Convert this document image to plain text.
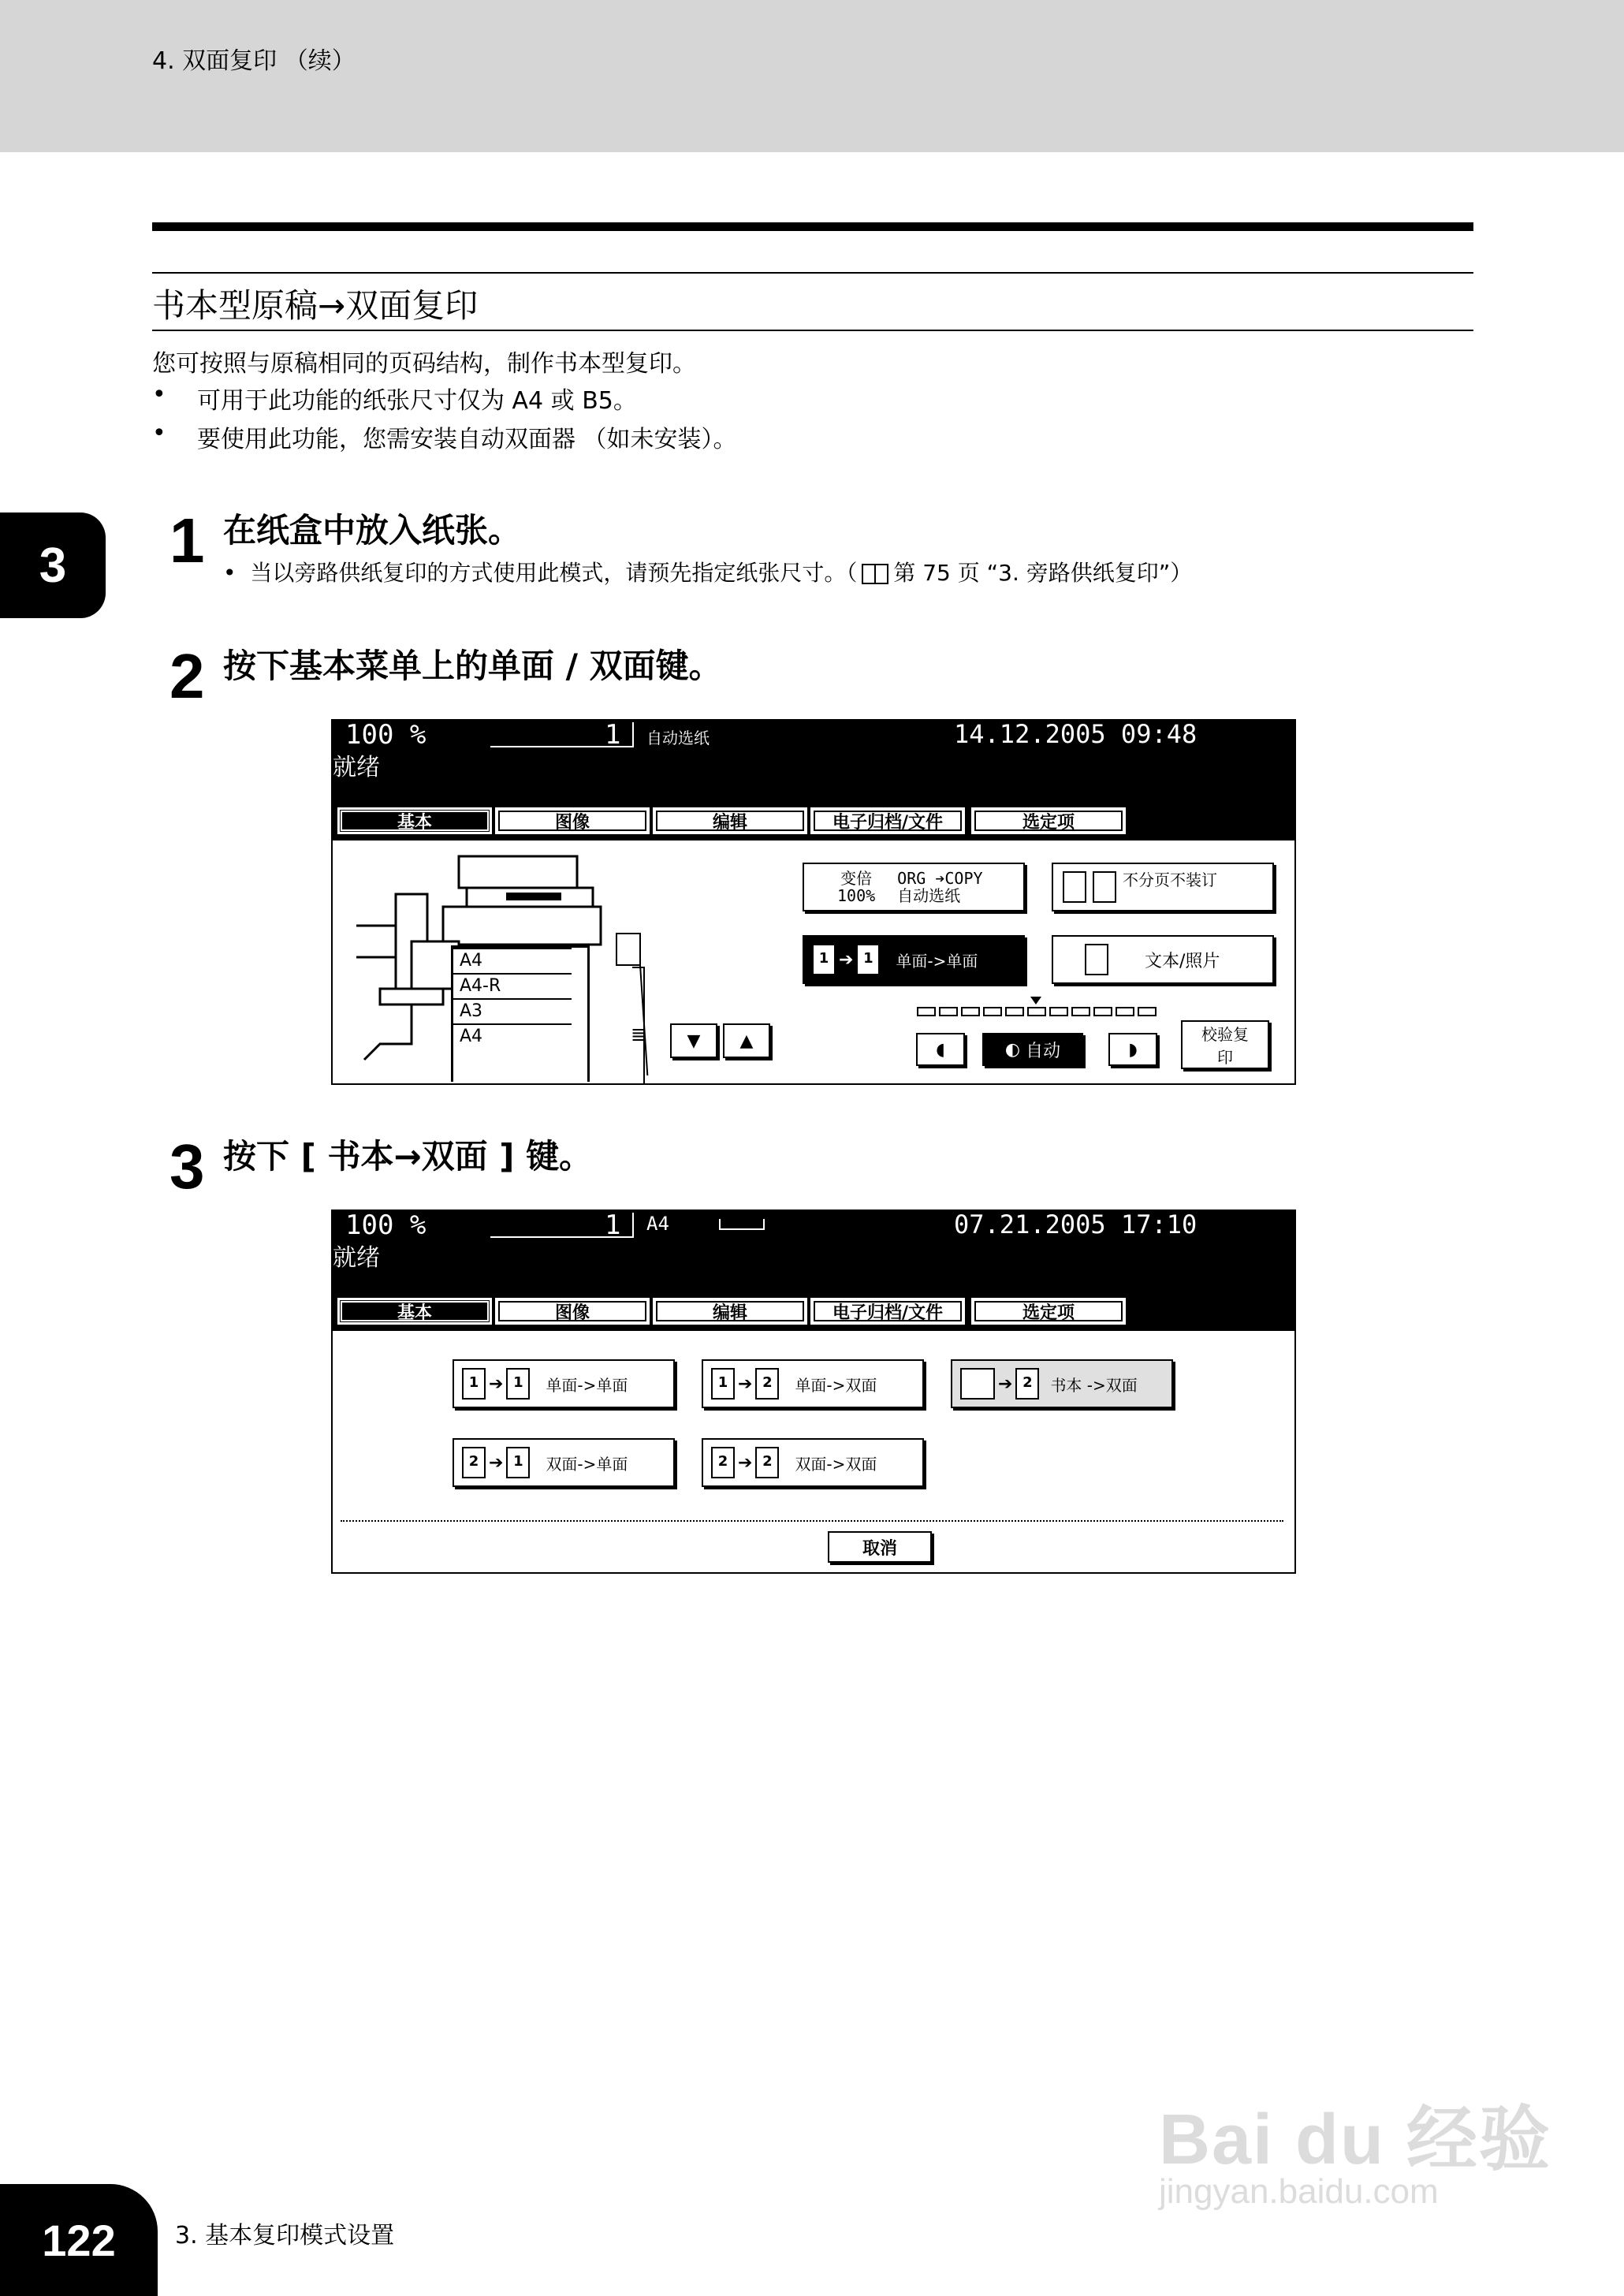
4. 双面复印 （续）
书本型原稿→双面复印
您可按照与原稿相同的页码结构，制作书本型复印。
• 可用于此功能的纸张尺寸仅为 A4 或 B5。
• 要使用此功能，您需安装自动双面器 （如未安装）。
3	1 在纸盒中放入纸张。
•  当以旁路供纸复印的方式使用此模式，请预先指定纸张尺寸。（ 第 75 页 “3. 旁路供纸复印”）
2 按下基本菜单上的单面 / 双面键。
100 %	1 自动选纸	14.12.2005 09:48
就绪
基本	图像	编辑	电子归档/文件	选定项
A4
A4-R
A3
A4	≣	▼	▲
变倍
100%
ORG ➔COPY
自动选纸
不分页不装订
1 ➔ 1	单面->单面	文本/照片
◖	◐
自动	◗
校验复印
3 按下 [ 书本→双面 ] 键。
100 %	1 A4	07.21.2005 17:10
就绪
基本	图像	编辑	电子归档/文件	选定项
1 ➔ 1	单面->单面	1 ➔ 2	单面->双面	➔ 2	书本 ->双面
2 ➔ 1	双面->单面	2 ➔ 2	双面->双面
取消
Bai du 经验
jingyan.baidu.com
122	3. 基本复印模式设置
